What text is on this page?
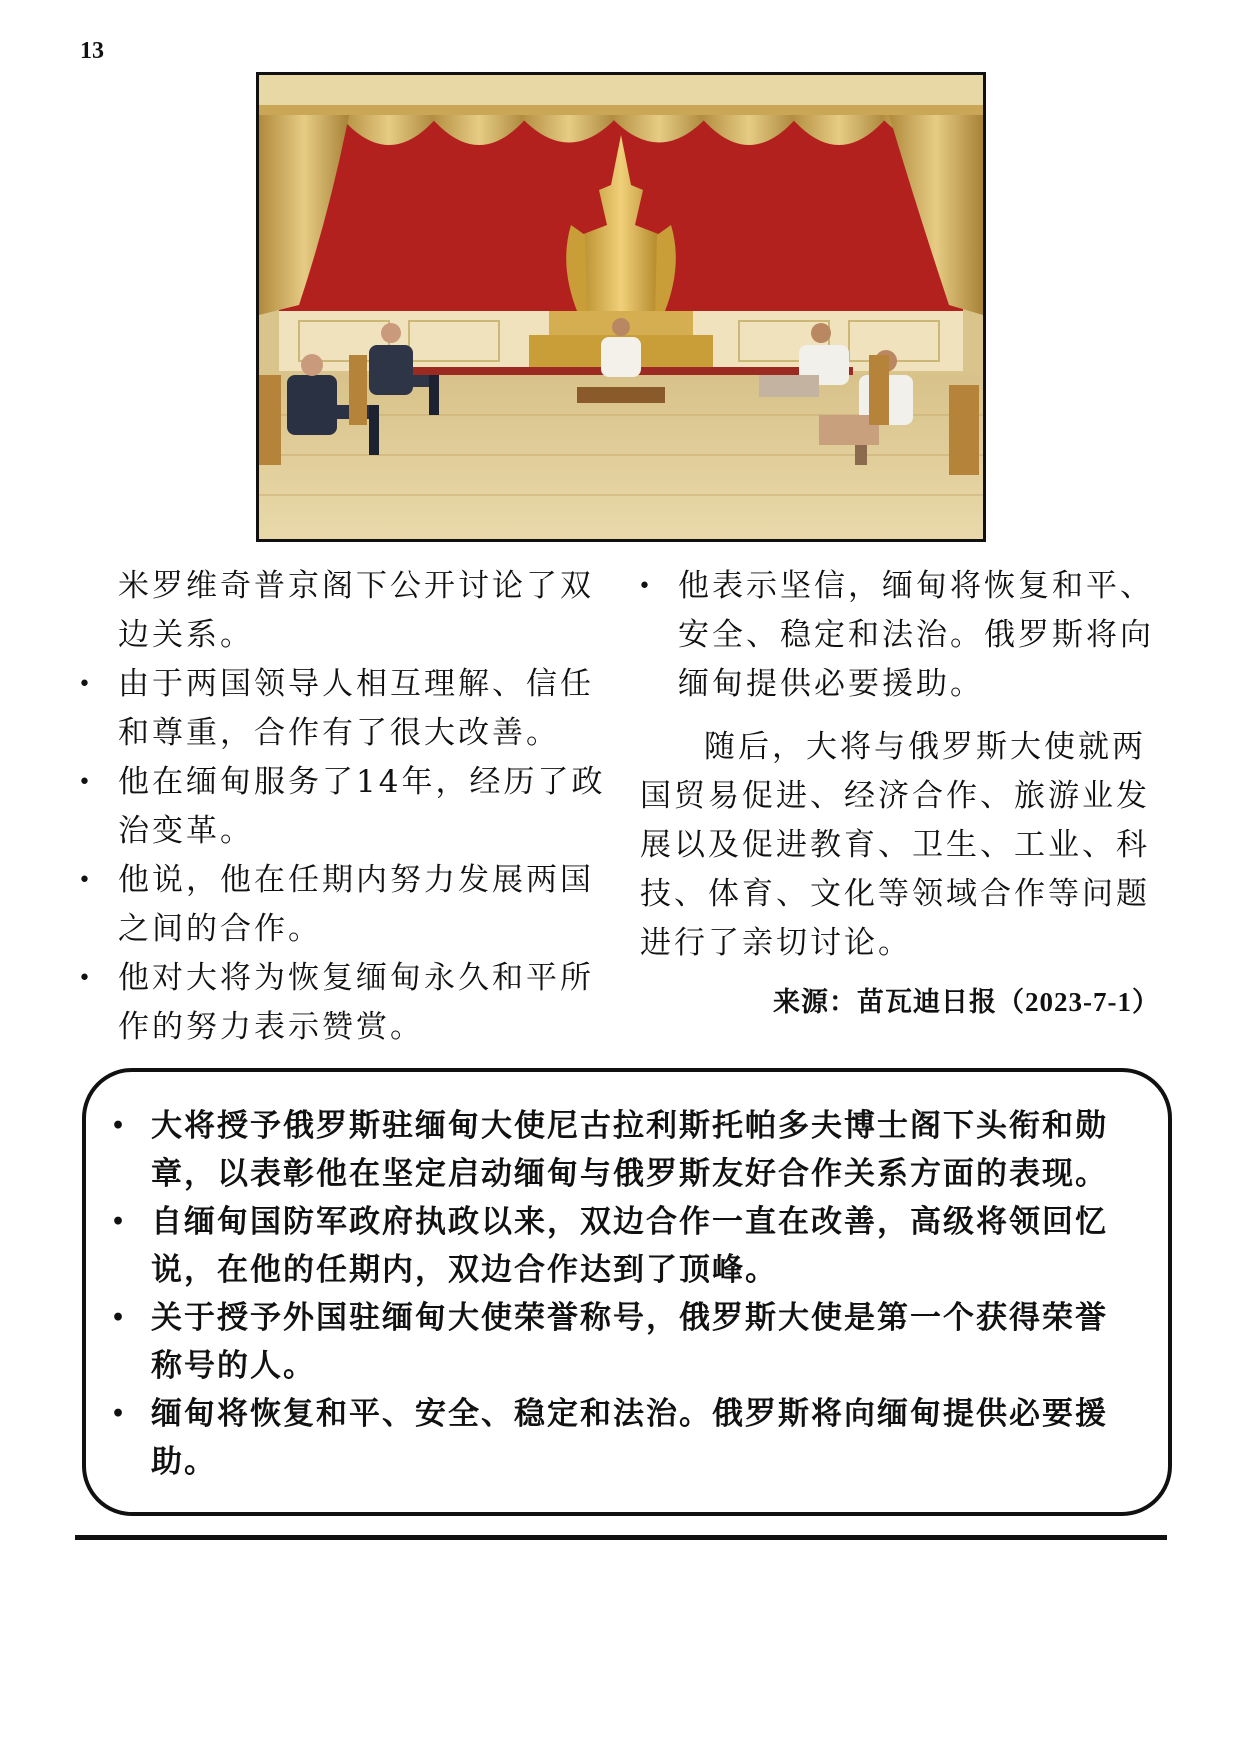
13

米罗维奇普京阁下公开讨论了双边关系。

• 由于两国领导人相互理解、信任和尊重，合作有了很大改善。
• 他在缅甸服务了14年，经历了政治变革。
• 他说，他在任期内努力发展两国之间的合作。
• 他对大将为恢复缅甸永久和平所作的努力表示赞赏。
• 他表示坚信，缅甸将恢复和平、安全、稳定和法治。俄罗斯将向缅甸提供必要援助。

随后，大将与俄罗斯大使就两国贸易促进、经济合作、旅游业发展以及促进教育、卫生、工业、科技、体育、文化等领域合作等问题进行了亲切讨论。

来源：苗瓦迪日报（2023-7-1）
• 大将授予俄罗斯驻缅甸大使尼古拉利斯托帕多夫博士阁下头衔和勋章，以表彰他在坚定启动缅甸与俄罗斯友好合作关系方面的表现。
• 自缅甸国防军政府执政以来，双边合作一直在改善，高级将领回忆说，在他的任期内，双边合作达到了顶峰。
• 关于授予外国驻缅甸大使荣誉称号，俄罗斯大使是第一个获得荣誉称号的人。
• 缅甸将恢复和平、安全、稳定和法治。俄罗斯将向缅甸提供必要援助。
